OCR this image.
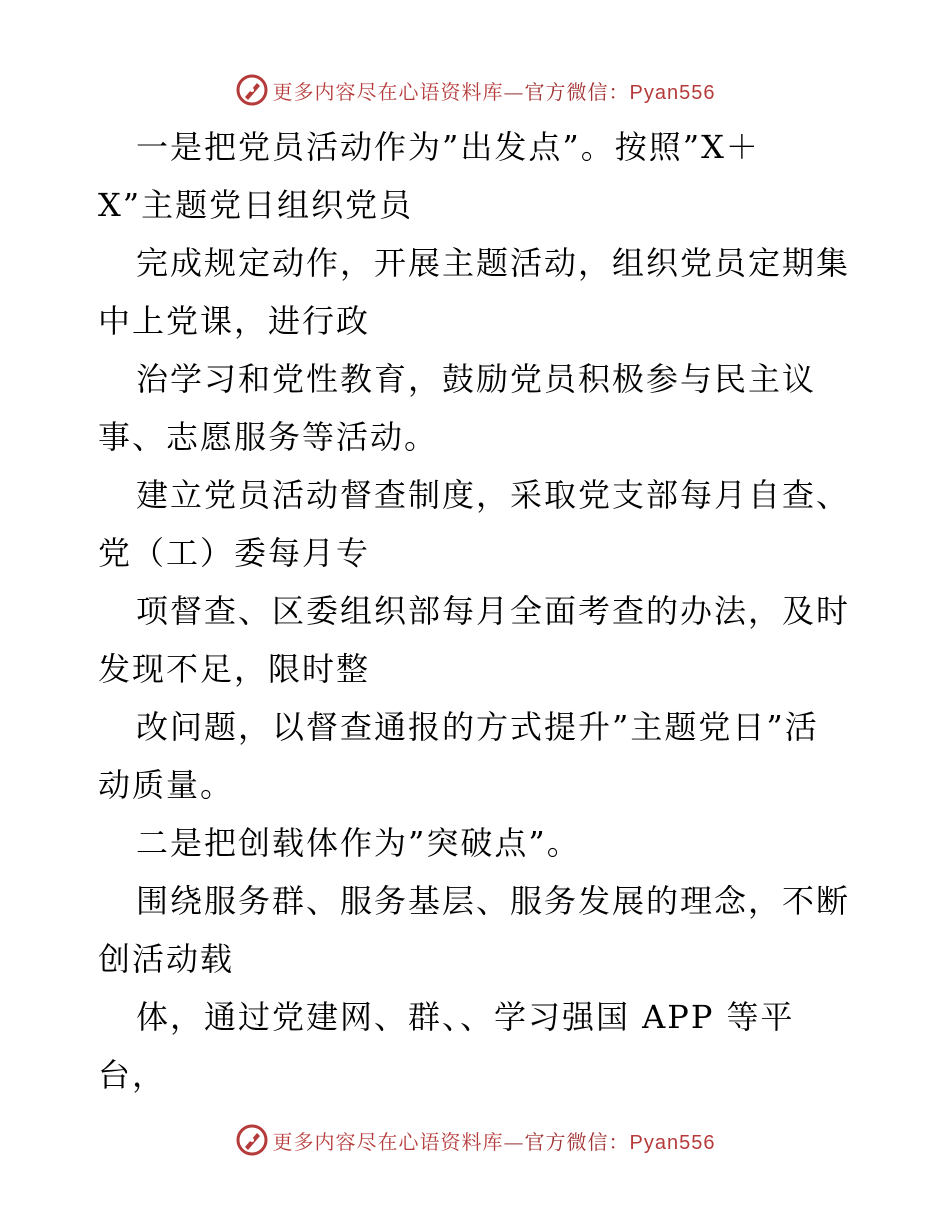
更多内容尽在心语资料库—官方微信：Pyan556
一是把党员活动作为”出发点”。按照”X＋
X”主题党日组织党员
完成规定动作，开展主题活动，组织党员定期集
中上党课，进行政
治学习和党性教育，鼓励党员积极参与民主议
事、志愿服务等活动。
建立党员活动督查制度，采取党支部每月自查、
党（工）委每月专
项督查、区委组织部每月全面考查的办法，及时
发现不足，限时整
改问题，以督查通报的方式提升”主题党日”活
动质量。
二是把创载体作为”突破点”。
围绕服务群、服务基层、服务发展的理念，不断
创活动载
体，通过党建网、群、、学习强国 APP 等平
台，
更多内容尽在心语资料库—官方微信：Pyan556
